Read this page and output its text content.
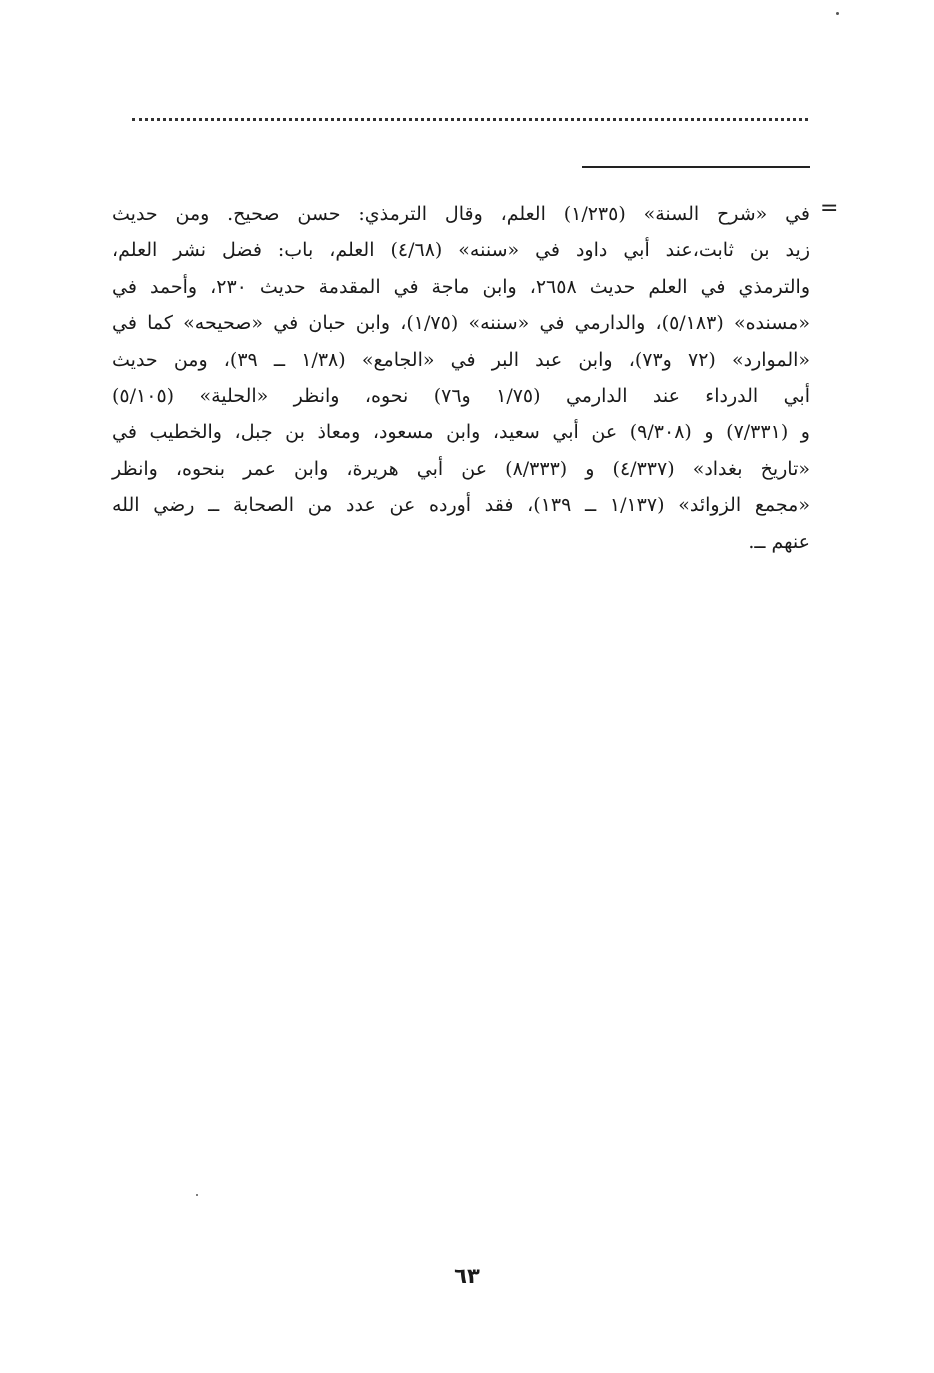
=
في «شرح السنة» (١/٢٣٥) العلم، وقال الترمذي: حسن صحيح. ومن حديث
زيد بن ثابت،عند أبي داود في «سننه» (٤/٦٨) العلم، باب: فضل نشر العلم،
والترمذي في العلم حديث ٢٦٥٨، وابن ماجة في المقدمة حديث ٢٣٠، وأحمد في
«مسنده» (٥/١٨٣)، والدارمي في «سننه» (١/٧٥)، وابن حبان في «صحيحه» كما في
«الموارد» (٧٢ و٧٣)، وابن عبد البر في «الجامع» (١/٣٨ ــ ٣٩)، ومن حديث
أبي الدرداء عند الدارمي (١/٧٥ و٧٦) نحوه، وانظر «الحلية» (٥/١٠٥)
و (٧/٣٣١) و (٩/٣٠٨) عن أبي سعيد، وابن مسعود، ومعاذ بن جبل، والخطيب في
«تاريخ بغداد» (٤/٣٣٧) و (٨/٣٣٣) عن أبي هريرة، وابن عمر بنحوه، وانظر
«مجمع الزوائد» (١/١٣٧ ــ ١٣٩)، فقد أورده عن عدد من الصحابة ــ رضي الله
عنهم ــ.
٦٣
